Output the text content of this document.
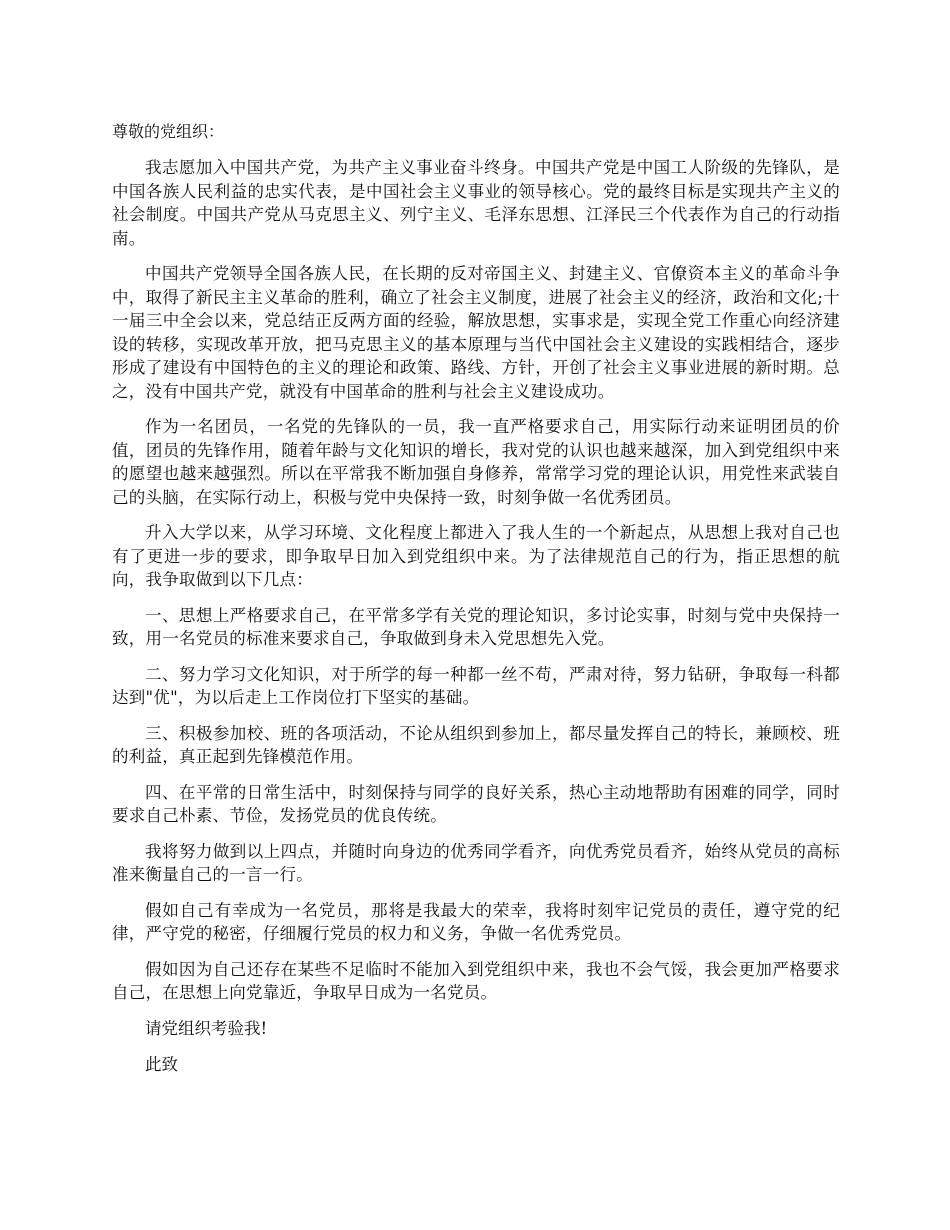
尊敬的党组织：

我志愿加入中国共产党，为共产主义事业奋斗终身。中国共产党是中国工人阶级的先锋队，是中国各族人民利益的忠实代表，是中国社会主义事业的领导核心。党的最终目标是实现共产主义的社会制度。中国共产党从马克思主义、列宁主义、毛泽东思想、江泽民三个代表作为自己的行动指南。

中国共产党领导全国各族人民，在长期的反对帝国主义、封建主义、官僚资本主义的革命斗争中，取得了新民主主义革命的胜利，确立了社会主义制度，进展了社会主义的经济，政治和文化;十一届三中全会以来，党总结正反两方面的经验，解放思想，实事求是，实现全党工作重心向经济建设的转移，实现改革开放，把马克思主义的基本原理与当代中国社会主义建设的实践相结合，逐步形成了建设有中国特色的主义的理论和政策、路线、方针，开创了社会主义事业进展的新时期。总之，没有中国共产党，就没有中国革命的胜利与社会主义建设成功。

作为一名团员，一名党的先锋队的一员，我一直严格要求自己，用实际行动来证明团员的价值，团员的先锋作用，随着年龄与文化知识的增长，我对党的认识也越来越深，加入到党组织中来的愿望也越来越强烈。所以在平常我不断加强自身修养，常常学习党的理论认识，用党性来武装自己的头脑，在实际行动上，积极与党中央保持一致，时刻争做一名优秀团员。

升入大学以来，从学习环境、文化程度上都进入了我人生的一个新起点，从思想上我对自己也有了更进一步的要求，即争取早日加入到党组织中来。为了法律规范自己的行为，指正思想的航向，我争取做到以下几点：

一、思想上严格要求自己，在平常多学有关党的理论知识，多讨论实事，时刻与党中央保持一致，用一名党员的标准来要求自己，争取做到身未入党思想先入党。

二、努力学习文化知识，对于所学的每一种都一丝不苟，严肃对待，努力钻研，争取每一科都达到"优"，为以后走上工作岗位打下坚实的基础。

三、积极参加校、班的各项活动，不论从组织到参加上，都尽量发挥自己的特长，兼顾校、班的利益，真正起到先锋模范作用。

四、在平常的日常生活中，时刻保持与同学的良好关系，热心主动地帮助有困难的同学，同时要求自己朴素、节俭，发扬党员的优良传统。

我将努力做到以上四点，并随时向身边的优秀同学看齐，向优秀党员看齐，始终从党员的高标准来衡量自己的一言一行。

假如自己有幸成为一名党员，那将是我最大的荣幸，我将时刻牢记党员的责任，遵守党的纪律，严守党的秘密，仔细履行党员的权力和义务，争做一名优秀党员。

假如因为自己还存在某些不足临时不能加入到党组织中来，我也不会气馁，我会更加严格要求自己，在思想上向党靠近，争取早日成为一名党员。

请党组织考验我!

此致
